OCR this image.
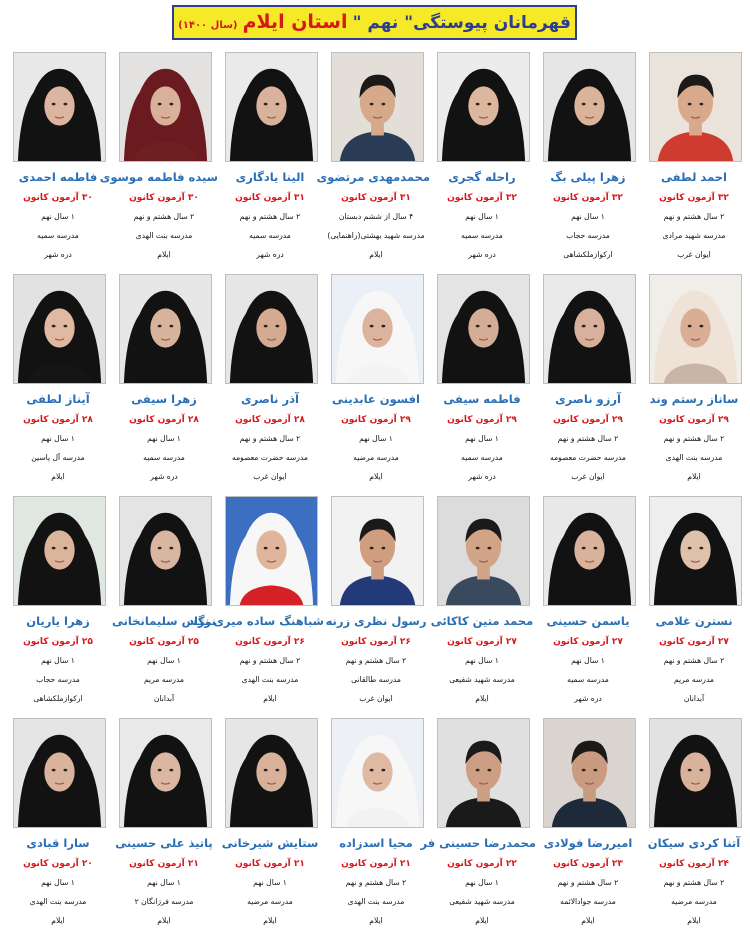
قهرمانان پیوستگی" نهم " استان ایلام (سال ۱۴۰۰)
احمد لطفی
۳۲ آزمون کانون
۲ سال هشتم و نهم
مدرسه شهید مرادی
ایوان غرب
زهرا پیلی بگ
۳۲ آزمون کانون
۱ سال نهم
مدرسه حجاب
ارکوازملکشاهی
راحله گجری
۳۲ آزمون کانون
۱ سال نهم
مدرسه سمیه
دره شهر
محمدمهدی مرتضوی
۳۱ آزمون کانون
۴ سال از ششم دبستان
مدرسه شهید بهشتی(راهنمایی)
ایلام
الینا یادگاری
۳۱ آزمون کانون
۲ سال هشتم و نهم
مدرسه سمیه
دره شهر
سیده فاطمه موسوی
۳۰ آزمون کانون
۲ سال هشتم و نهم
مدرسه بنت الهدی
ایلام
فاطمه احمدی
۳۰ آزمون کانون
۱ سال نهم
مدرسه سمیه
دره شهر
ساناز رستم وند
۲۹ آزمون کانون
۲ سال هشتم و نهم
مدرسه بنت الهدی
ایلام
آرزو ناصری
۲۹ آزمون کانون
۲ سال هشتم و نهم
مدرسه حضرت معصومه
ایوان غرب
فاطمه سیفی
۲۹ آزمون کانون
۱ سال نهم
مدرسه سمیه
دره شهر
افسون عابدینی
۲۹ آزمون کانون
۱ سال نهم
مدرسه مرضیه
ایلام
آذر ناصری
۲۸ آزمون کانون
۲ سال هشتم و نهم
مدرسه حضرت معصومه
ایوان غرب
زهرا سیفی
۲۸ آزمون کانون
۱ سال نهم
مدرسه سمیه
دره شهر
آیناز لطفی
۲۸ آزمون کانون
۱ سال نهم
مدرسه آل یاسین
ایلام
نسترن غلامی
۲۷ آزمون کانون
۲ سال هشتم و نهم
مدرسه مریم
آبدانان
یاسمن حسینی
۲۷ آزمون کانون
۱ سال نهم
مدرسه سمیه
دره شهر
محمد متین کاکائی
۲۷ آزمون کانون
۱ سال نهم
مدرسه شهید شفیعی
ایلام
رسول نظری زرنه
۲۶ آزمون کانون
۲ سال هشتم و نهم
مدرسه طالقانی
ایوان غرب
شباهنگ ساده میری نژاد
۲۶ آزمون کانون
۲ سال هشتم و نهم
مدرسه بنت الهدی
ایلام
نرگس سلیمانخانی
۲۵ آزمون کانون
۱ سال نهم
مدرسه مریم
آبدانان
زهرا یاریان
۲۵ آزمون کانون
۱ سال نهم
مدرسه حجاب
ارکوازملکشاهی
آتنا کردی سیکان
۲۴ آزمون کانون
۲ سال هشتم و نهم
مدرسه مرضیه
ایلام
امیررضا فولادی
۲۳ آزمون کانون
۲ سال هشتم و نهم
مدرسه جوادالائمه
ایلام
محمدرضا حسینی فر
۲۲ آزمون کانون
۱ سال نهم
مدرسه شهید شفیعی
ایلام
محیا اسدزاده
۲۱ آزمون کانون
۲ سال هشتم و نهم
مدرسه بنت الهدی
ایلام
ستایش شیرخانی
۲۱ آزمون کانون
۱ سال نهم
مدرسه مرضیه
ایلام
پاتیذ علی حسینی
۲۱ آزمون کانون
۱ سال نهم
مدرسه فرزانگان ۲
ایلام
سارا قبادی
۲۰ آزمون کانون
۱ سال نهم
مدرسه بنت الهدی
ایلام
